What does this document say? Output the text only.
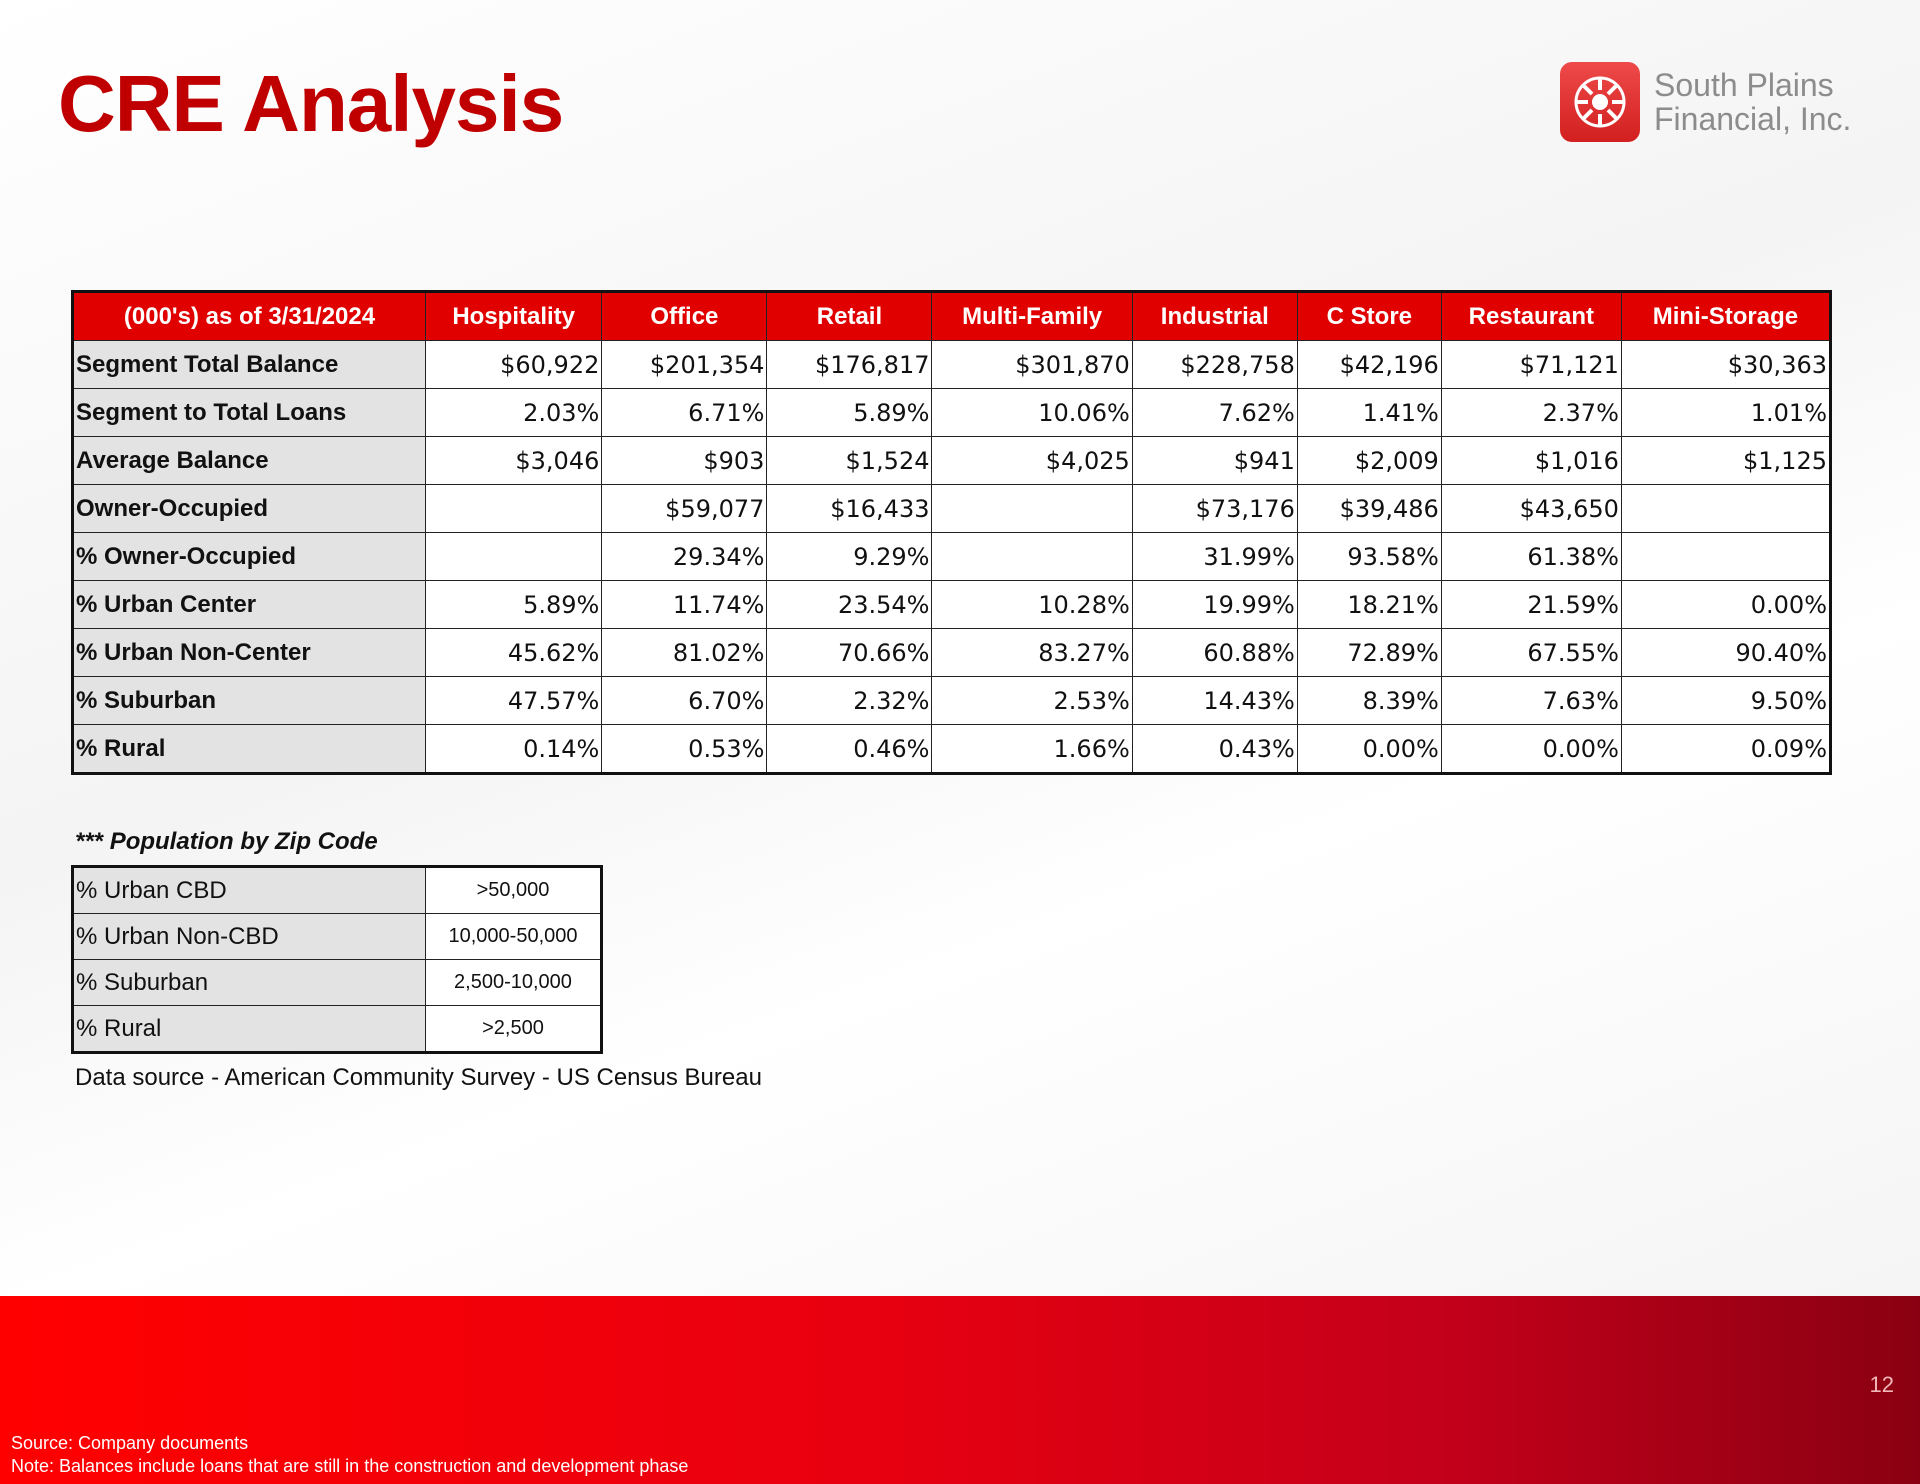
CRE Analysis	South Plains
Financial, Inc.
(000's) as of 3/31/2024	Hospitality	Office	Retail	Multi-Family	Industrial	C Store	Restaurant	Mini-Storage
Segment Total Balance	$60,922	$201,354	$176,817	$301,870	$228,758	$42,196	$71,121	$30,363
Segment to Total Loans	2.03%	6.71%	5.89%	10.06%	7.62%	1.41%	2.37%	1.01%
Average Balance	$3,046	$903	$1,524	$4,025	$941	$2,009	$1,016	$1,125
Owner-Occupied		$59,077	$16,433		$73,176	$39,486	$43,650	
% Owner-Occupied		29.34%	9.29%		31.99%	93.58%	61.38%	
% Urban Center	5.89%	11.74%	23.54%	10.28%	19.99%	18.21%	21.59%	0.00%
% Urban Non-Center	45.62%	81.02%	70.66%	83.27%	60.88%	72.89%	67.55%	90.40%
% Suburban	47.57%	6.70%	2.32%	2.53%	14.43%	8.39%	7.63%	9.50%
% Rural	0.14%	0.53%	0.46%	1.66%	0.43%	0.00%	0.00%	0.09%
*** Population by Zip Code
% Urban CBD	>50,000
% Urban Non-CBD	10,000-50,000
% Suburban	2,500-10,000
% Rural	>2,500
Data source - American Community Survey - US Census Bureau
12
Source: Company documents
Note: Balances include loans that are still in the construction and development phase
